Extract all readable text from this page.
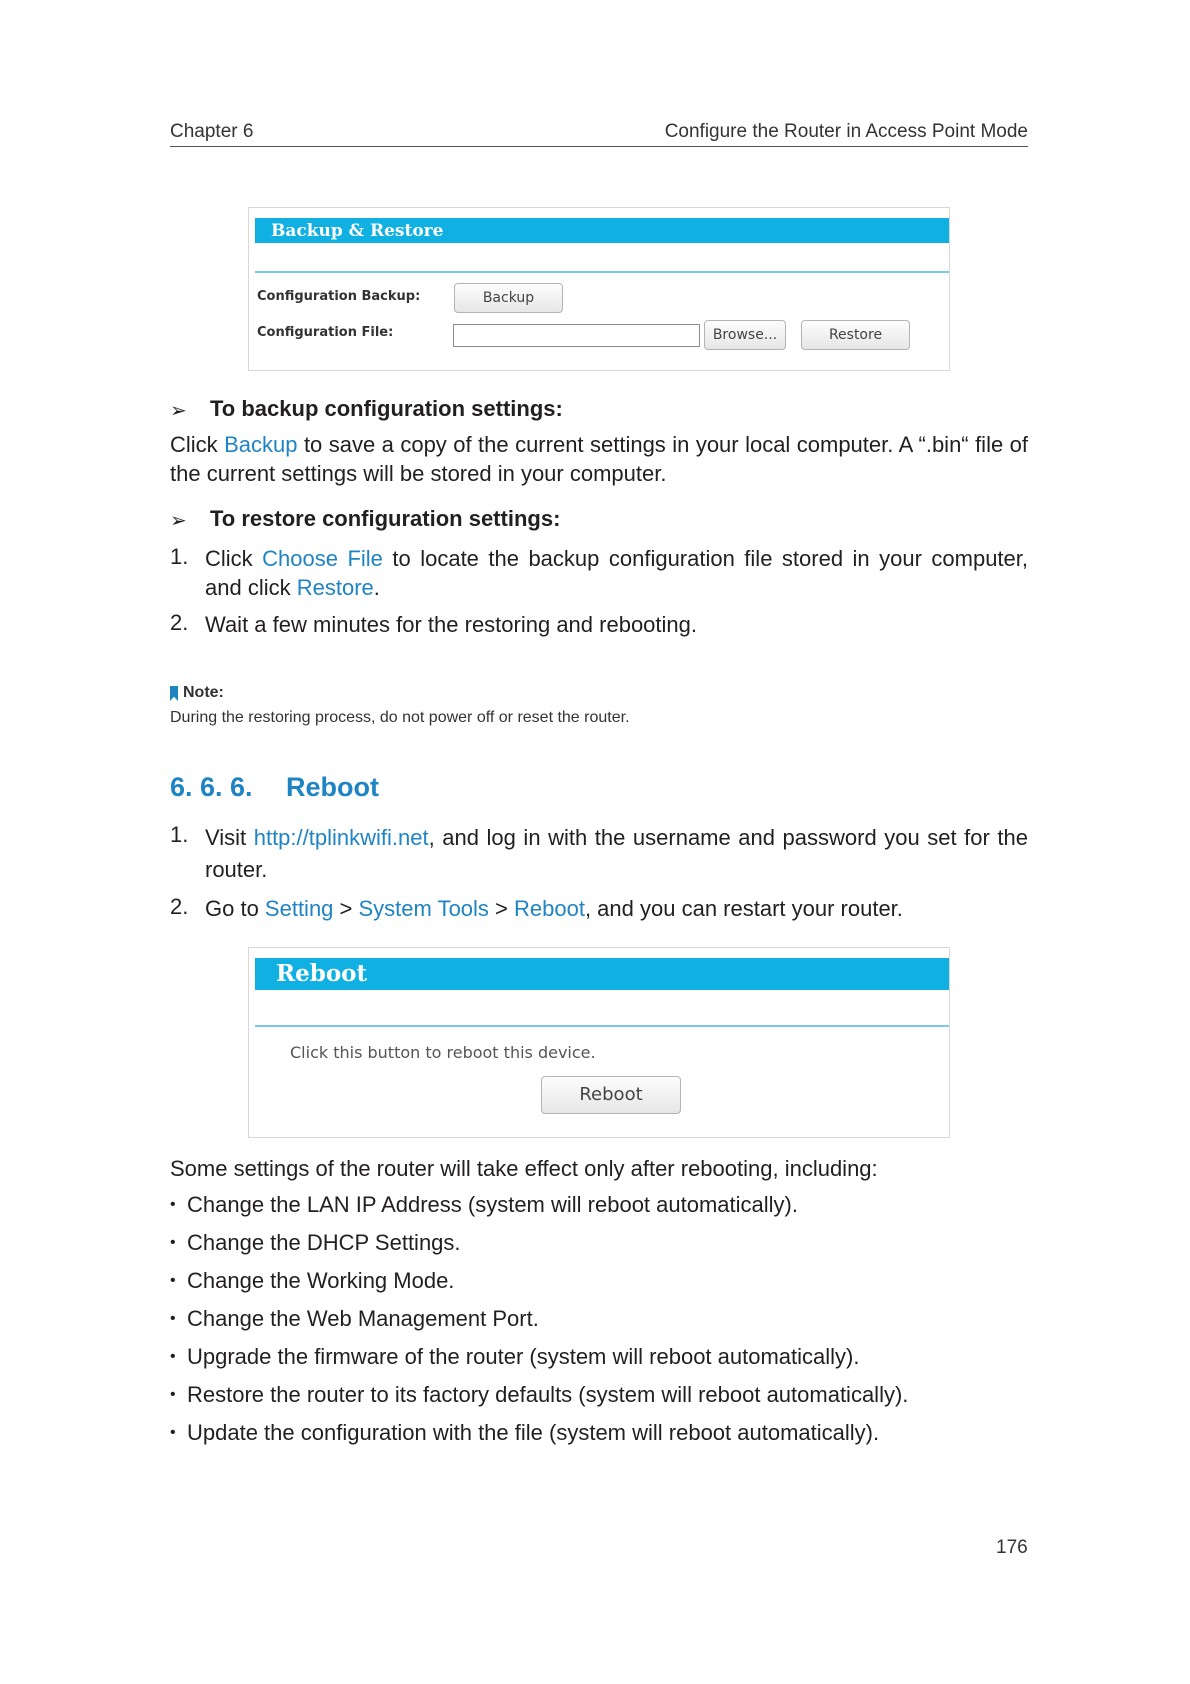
Chapter 6	Configure the Router in Access Point Mode
Backup & Restore
Configuration Backup:
Configuration File:
Backup
Browse...	Restore
➢ To backup configuration settings:
Click Backup to save a copy of the current settings in your local computer. A “.bin“ file of the current settings will be stored in your computer.
➢ To restore configuration settings:
1. Click Choose File to locate the backup configuration file stored in your computer, and click Restore.
2. Wait a few minutes for the restoring and rebooting.
Note:
During the restoring process, do not power off or reset the router.
6. 6. 6. Reboot
1. Visit http://tplinkwifi.net, and log in with the username and password you set for the router.
2. Go to Setting > System Tools > Reboot, and you can restart your router.
Reboot
Click this button to reboot this device.
Reboot
Some settings of the router will take effect only after rebooting, including:
• Change the LAN IP Address (system will reboot automatically).
• Change the DHCP Settings.
• Change the Working Mode.
• Change the Web Management Port.
• Upgrade the firmware of the router (system will reboot automatically).
• Restore the router to its factory defaults (system will reboot automatically).
• Update the configuration with the file (system will reboot automatically).
176
